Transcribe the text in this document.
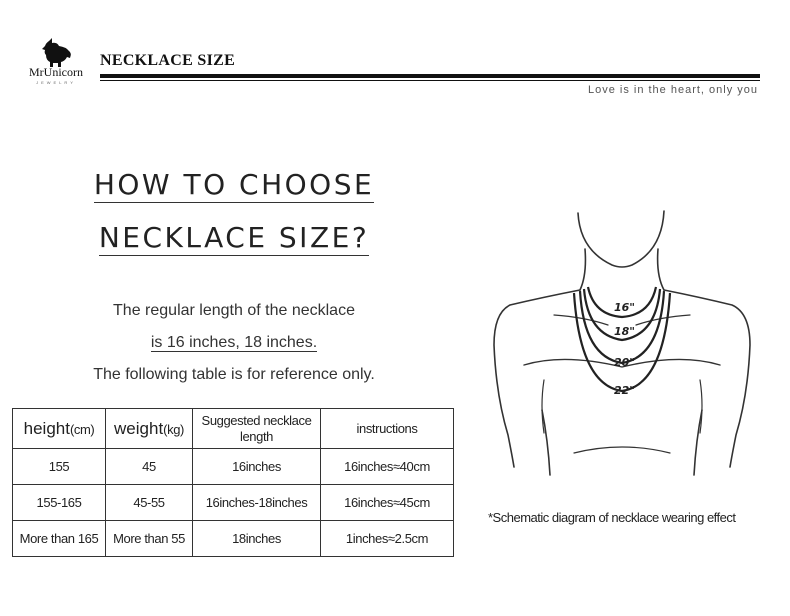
MrUnicorn
JEWELRY
NECKLACE SIZE
Love is in the heart, only you
HOW TO CHOOSE
NECKLACE SIZE?
The regular length of the necklace
is 16 inches, 18 inches.
The following table is for reference only.
height(cm)	weight(kg)	Suggested necklace length	instructions
155	45	16inches	16inches≈40cm
155-165	45-55	16inches-18inches	16inches≈45cm
More than 165	More than 55	18inches	1inches≈2.5cm
16"
18"
20"
22"
*Schematic diagram of necklace wearing effect
